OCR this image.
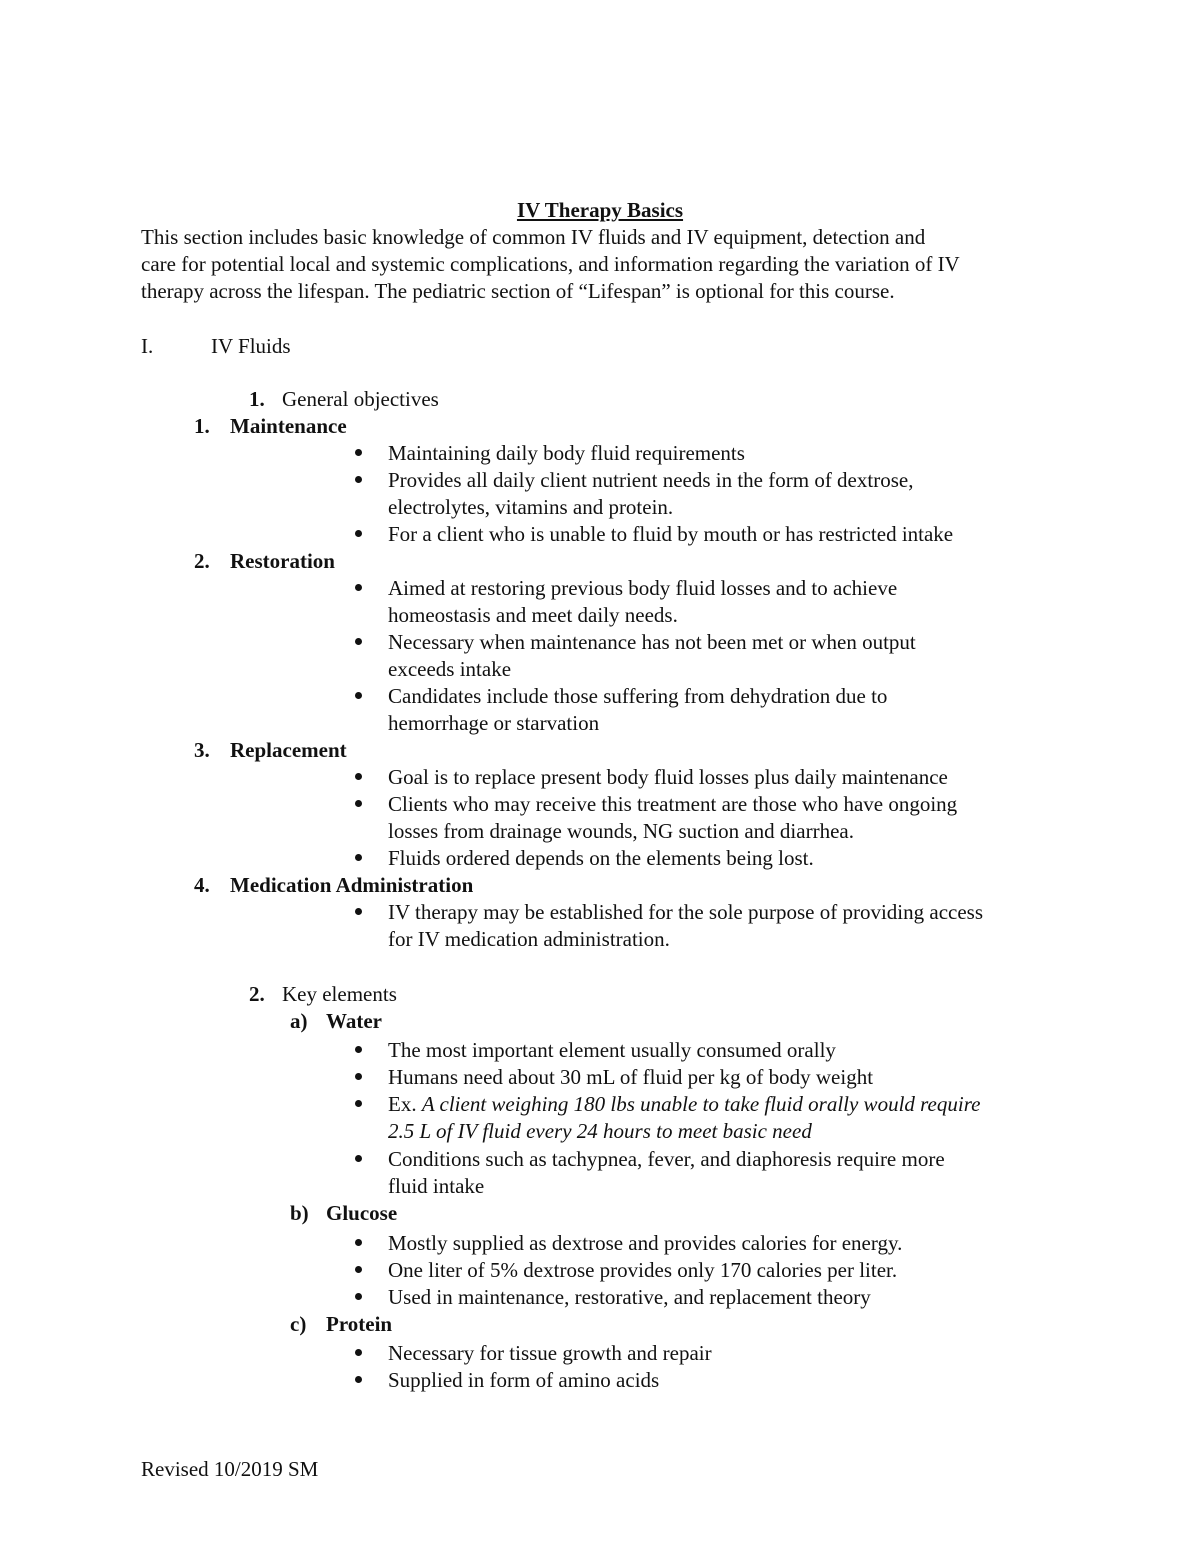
IV Therapy Basics
This section includes basic knowledge of common IV fluids and IV equipment, detection and
care for potential local and systemic complications, and information regarding the variation of IV
therapy across the lifespan. The pediatric section of “Lifespan” is optional for this course.
I.	IV Fluids
1. General objectives
1. Maintenance
Maintaining daily body fluid requirements
Provides all daily client nutrient needs in the form of dextrose,
electrolytes, vitamins and protein.
For a client who is unable to fluid by mouth or has restricted intake
2. Restoration
Aimed at restoring previous body fluid losses and to achieve
homeostasis and meet daily needs.
Necessary when maintenance has not been met or when output
exceeds intake
Candidates include those suffering from dehydration due to
hemorrhage or starvation
3. Replacement
Goal is to replace present body fluid losses plus daily maintenance
Clients who may receive this treatment are those who have ongoing
losses from drainage wounds, NG suction and diarrhea.
Fluids ordered depends on the elements being lost.
4. Medication Administration
IV therapy may be established for the sole purpose of providing access
for IV medication administration.
2. Key elements
a) Water
The most important element usually consumed orally
Humans need about 30 mL of fluid per kg of body weight
Ex. A client weighing 180 lbs unable to take fluid orally would require
2.5 L of IV fluid every 24 hours to meet basic need
Conditions such as tachypnea, fever, and diaphoresis require more
fluid intake
b) Glucose
Mostly supplied as dextrose and provides calories for energy.
One liter of 5% dextrose provides only 170 calories per liter.
Used in maintenance, restorative, and replacement theory
c) Protein
Necessary for tissue growth and repair
Supplied in form of amino acids
Revised 10/2019 SM
